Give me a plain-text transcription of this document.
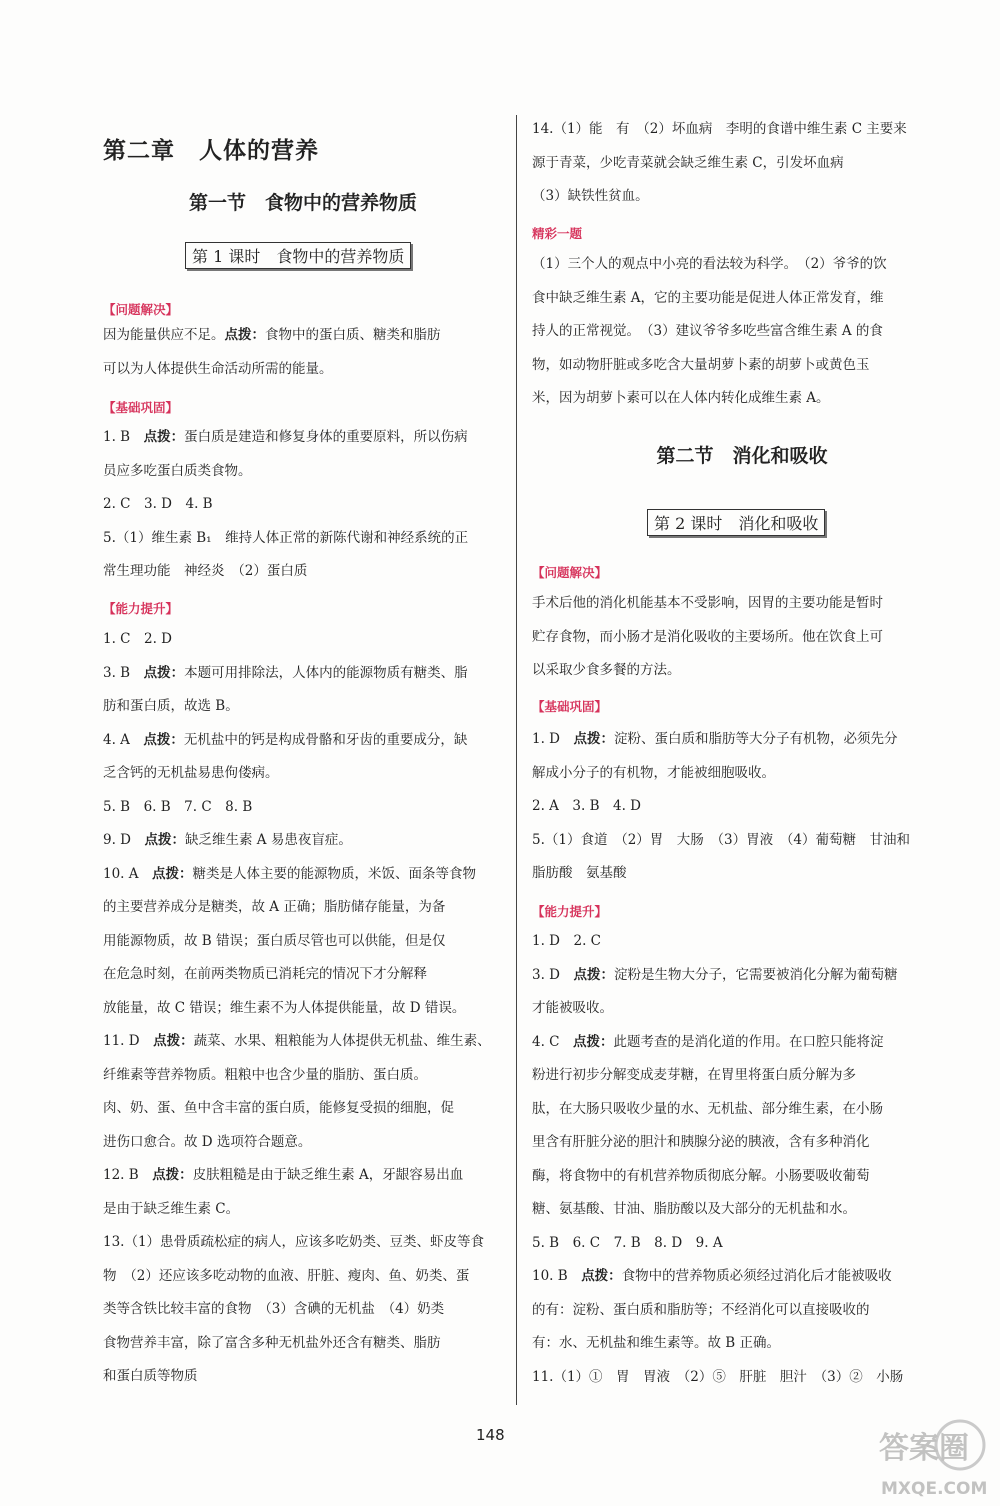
第二章　人体的营养
第一节　食物中的营养物质
第 1 课时　食物中的营养物质
【问题解决】
因为能量供应不足。点拨：食物中的蛋白质、糖类和脂肪
可以为人体提供生命活动所需的能量。
【基础巩固】
1. B　点拨：蛋白质是建造和修复身体的重要原料，所以伤病
员应多吃蛋白质类食物。
2. C　3. D　4. B
5.（1）维生素 B₁　维持人体正常的新陈代谢和神经系统的正
常生理功能　神经炎　（2）蛋白质
【能力提升】
1. C　2. D
3. B　点拨：本题可用排除法，人体内的能源物质有糖类、脂
肪和蛋白质，故选 B。
4. A　点拨：无机盐中的钙是构成骨骼和牙齿的重要成分，缺
乏含钙的无机盐易患佝偻病。
5. B　6. B　7. C　8. B
9. D　点拨：缺乏维生素 A 易患夜盲症。
10. A　点拨：糖类是人体主要的能源物质，米饭、面条等食物
的主要营养成分是糖类，故 A 正确；脂肪储存能量，为备
用能源物质，故 B 错误；蛋白质尽管也可以供能，但是仅
在危急时刻，在前两类物质已消耗完的情况下才分解释
放能量，故 C 错误；维生素不为人体提供能量，故 D 错误。
11. D　点拨：蔬菜、水果、粗粮能为人体提供无机盐、维生素、
纤维素等营养物质。粗粮中也含少量的脂肪、蛋白质。
肉、奶、蛋、鱼中含丰富的蛋白质，能修复受损的细胞，促
进伤口愈合。故 D 选项符合题意。
12. B　点拨：皮肤粗糙是由于缺乏维生素 A，牙龈容易出血
是由于缺乏维生素 C。
13.（1）患骨质疏松症的病人，应该多吃奶类、豆类、虾皮等食
物　（2）还应该多吃动物的血液、肝脏、瘦肉、鱼、奶类、蛋
类等含铁比较丰富的食物　（3）含碘的无机盐　（4）奶类
食物营养丰富，除了富含多种无机盐外还含有糖类、脂肪
和蛋白质等物质
14.（1）能　有　（2）坏血病　李明的食谱中维生素 C 主要来
源于青菜，少吃青菜就会缺乏维生素 C，引发坏血病
（3）缺铁性贫血。
精彩一题
（1）三个人的观点中小亮的看法较为科学。　（2）爷爷的饮
食中缺乏维生素 A，它的主要功能是促进人体正常发育，维
持人的正常视觉。　（3）建议爷爷多吃些富含维生素 A 的食
物，如动物肝脏或多吃含大量胡萝卜素的胡萝卜或黄色玉
米，因为胡萝卜素可以在人体内转化成维生素 A。
第二节　消化和吸收
第 2 课时　消化和吸收
【问题解决】
手术后他的消化机能基本不受影响，因胃的主要功能是暂时
贮存食物，而小肠才是消化吸收的主要场所。他在饮食上可
以采取少食多餐的方法。
【基础巩固】
1. D　点拨：淀粉、蛋白质和脂肪等大分子有机物，必须先分
解成小分子的有机物，才能被细胞吸收。
2. A　3. B　4. D
5.（1）食道　（2）胃　大肠　（3）胃液　（4）葡萄糖　甘油和
脂肪酸　氨基酸
【能力提升】
1. D　2. C
3. D　点拨：淀粉是生物大分子，它需要被消化分解为葡萄糖
才能被吸收。
4. C　点拨：此题考查的是消化道的作用。在口腔只能将淀
粉进行初步分解变成麦芽糖，在胃里将蛋白质分解为多
肽，在大肠只吸收少量的水、无机盐、部分维生素，在小肠
里含有肝脏分泌的胆汁和胰腺分泌的胰液，含有多种消化
酶，将食物中的有机营养物质彻底分解。小肠要吸收葡萄
糖、氨基酸、甘油、脂肪酸以及大部分的无机盐和水。
5. B　6. C　7. B　8. D　9. A
10. B　点拨：食物中的营养物质必须经过消化后才能被吸收
的有：淀粉、蛋白质和脂肪等；不经消化可以直接吸收的
有：水、无机盐和维生素等。故 B 正确。
11.（1）①　胃　胃液　（2）⑤　肝脏　胆汁　（3）②　小肠
148	答案圈
MXQE.COM
